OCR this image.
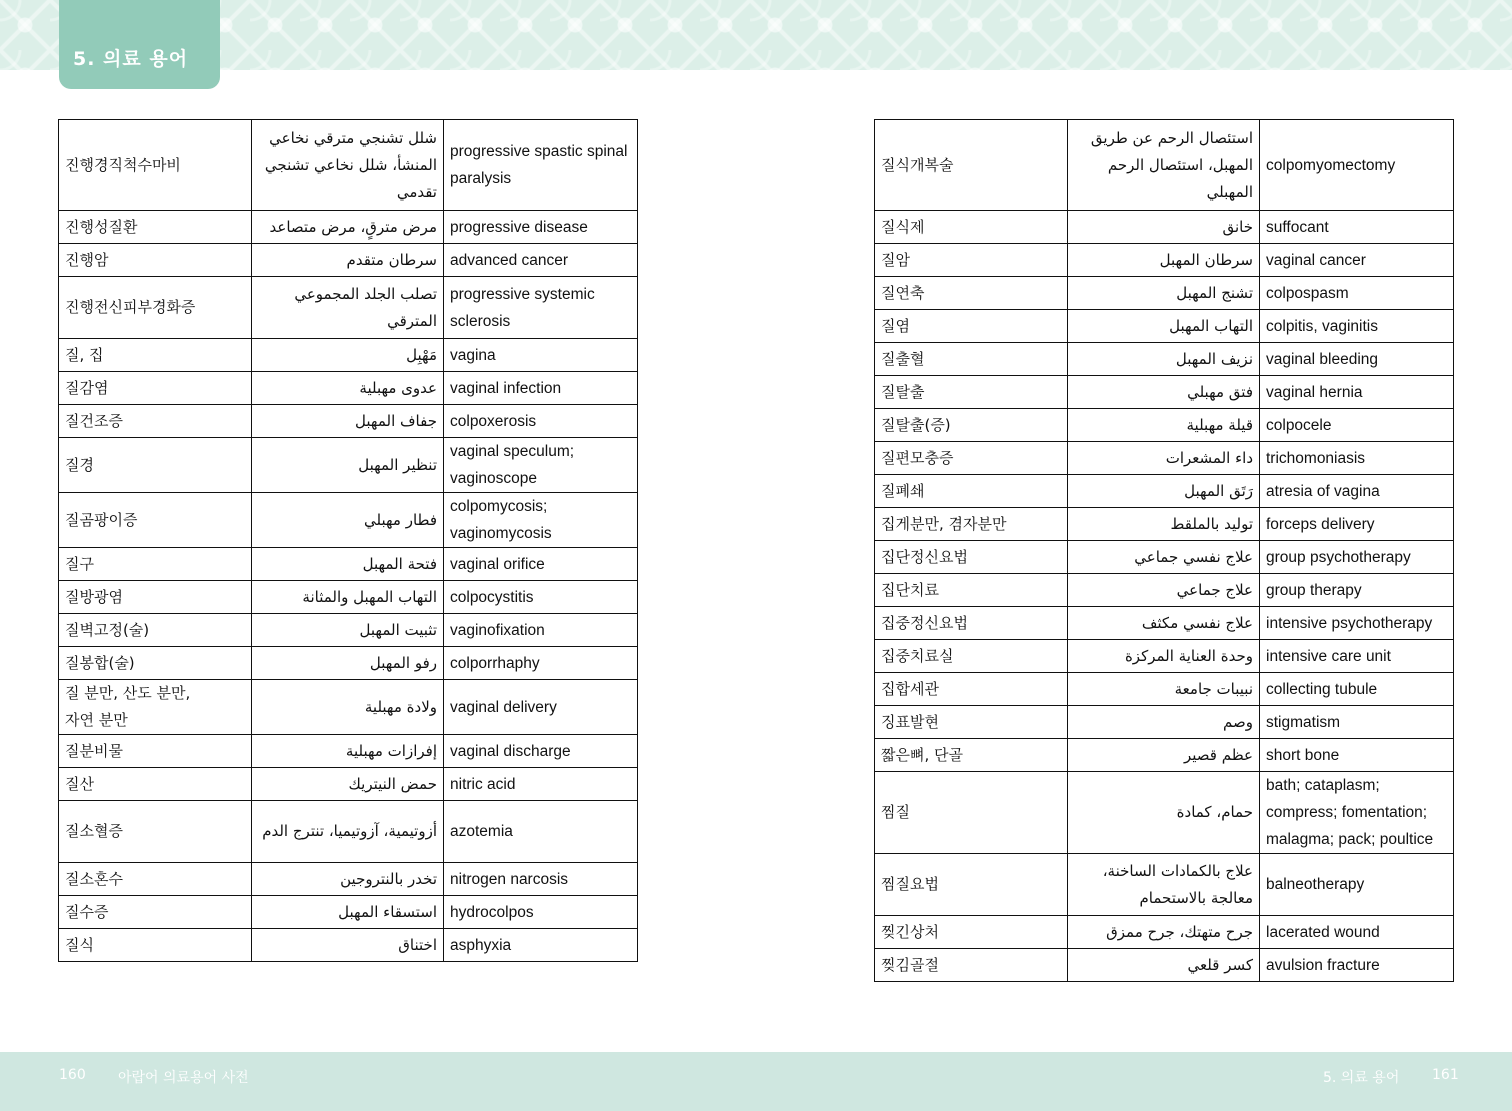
5. 의료 용어
진행경직척수마비	شلل تشنجي مترقي نخاعي المنشأ، شلل نخاعي تشنجي تقدمي	progressive spastic spinal paralysis
진행성질환	مرض مترقٍ، مرض متصاعد	progressive disease
진행암	سرطان متقدم	advanced cancer
진행전신피부경화증	تصلب الجلد المجموعي المترقي	progressive systemic sclerosis
질, 집	مَهْبِل	vagina
질감염	عدوى مهبلية	vaginal infection
질건조증	جفاف المهبل	colpoxerosis
질경	تنظير المهبل	vaginal speculum; vaginoscope
질곰팡이증	فطار مهبلي	colpomycosis; vaginomycosis
질구	فتحة المهبل	vaginal orifice
질방광염	التهاب المهبل والمثانة	colpocystitis
질벽고정(술)	تثبيت المهبل	vaginofixation
질봉합(술)	رفو المهبل	colporrhaphy
질 분만, 산도 분만,
자연 분만	ولادة مهبلية	vaginal delivery
질분비물	إفرازات مهبلية	vaginal discharge
질산	حمض النيتريك	nitric acid
질소혈증	أزوتيمية، آزوتيميا، تنترج الدم	azotemia
질소혼수	تخدر بالنتروجين	nitrogen narcosis
질수증	استسقاء المهبل	hydrocolpos
질식	اختناق	asphyxia
질식개복술	استئصال الرحم عن طريق المهبل، استئصال الرحم المهبلي	colpomyomectomy
질식제	خانق	suffocant
질암	سرطان المهبل	vaginal cancer
질연축	تشنج المهبل	colpospasm
질염	التهاب المهبل	colpitis, vaginitis
질출혈	نزيف المهبل	vaginal bleeding
질탈출	فتق مهبلي	vaginal hernia
질탈출(증)	قيلة مهبلية	colpocele
질편모충증	داء المشعرات	trichomoniasis
질폐쇄	رَتَق المهبل	atresia of vagina
집게분만, 겸자분만	توليد بالملقط	forceps delivery
집단정신요법	علاج نفسي جماعي	group psychotherapy
집단치료	علاج جماعي	group therapy
집중정신요법	علاج نفسي مكثف	intensive psychotherapy
집중치료실	وحدة العناية المركزة	intensive care unit
집합세관	نبيبات جامعة	collecting tubule
징표발현	وصم	stigmatism
짧은뼈, 단골	عظم قصير	short bone
찜질	حمام، كمادة	bath; cataplasm; compress; fomentation; malagma; pack; poultice
찜질요법	علاج بالكمادات الساخنة، معالجة بالاستحمام	balneotherapy
찢긴상처	جرح متهتك، جرح ممزق	lacerated wound
찢김골절	كسر قلعي	avulsion fracture
160 아랍어 의료용어 사전	5. 의료 용어 161
